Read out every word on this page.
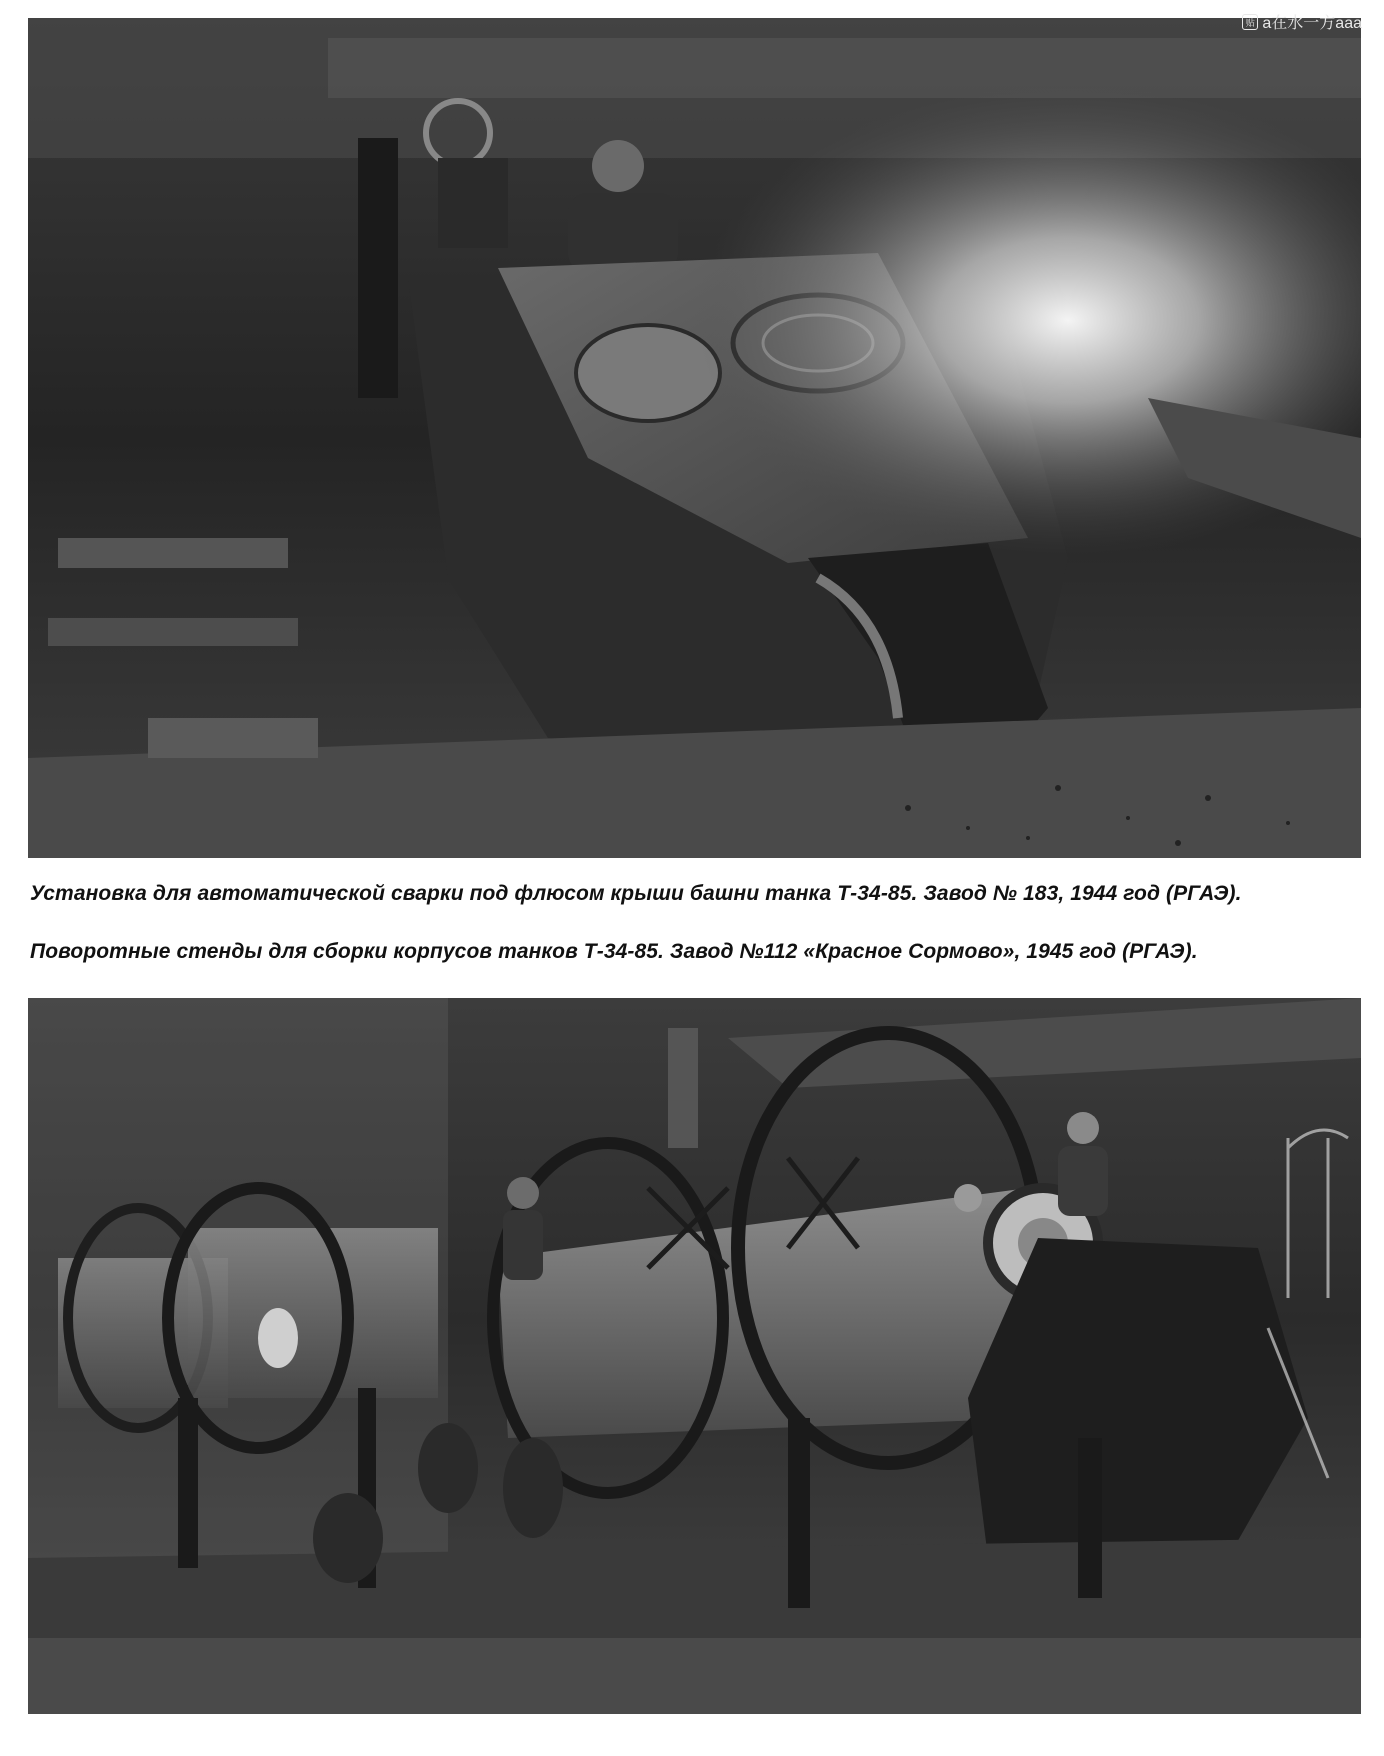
贴 a在水一方aaa
Установка для автоматической сварки под флюсом крыши башни танка Т-34-85. Завод № 183, 1944 год (РГАЭ).
Поворотные стенды для сборки корпусов танков Т-34-85. Завод №112 «Красное Сормово», 1945 год (РГАЭ).
